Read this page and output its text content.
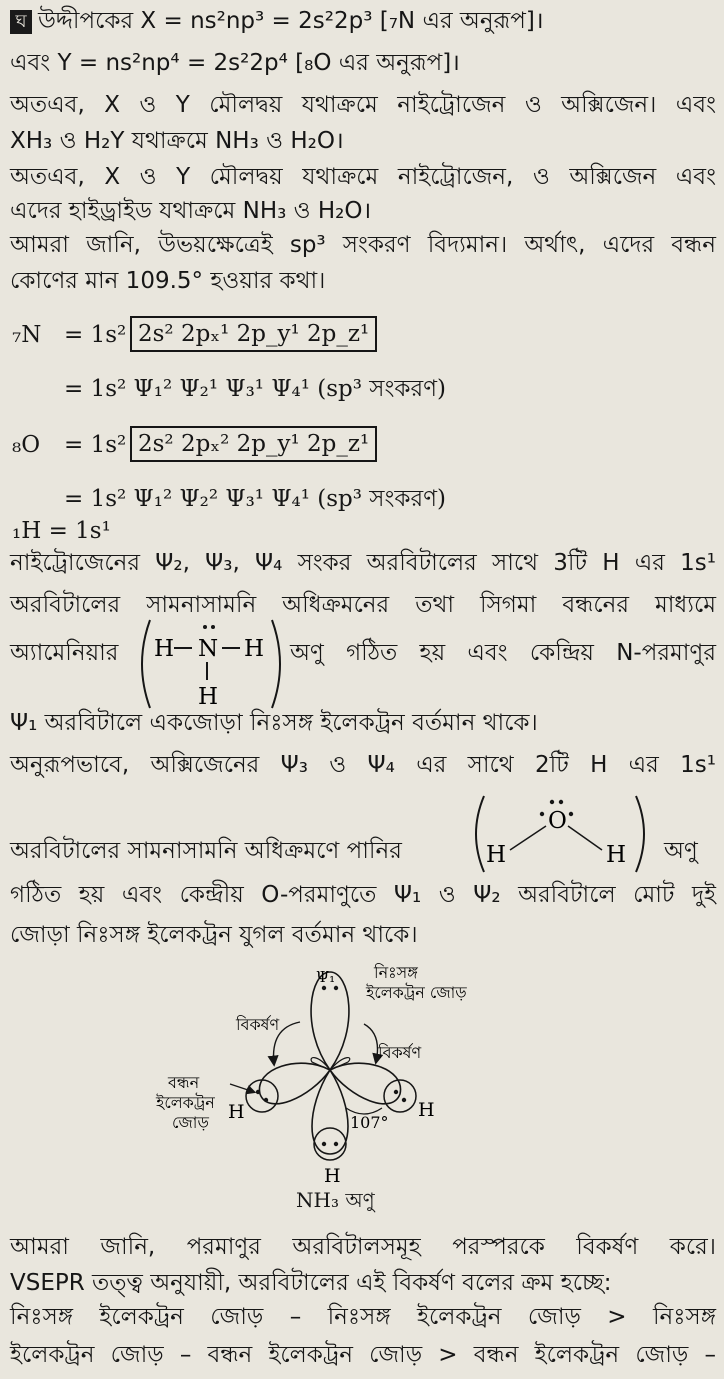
ঘ উদ্দীপকের X = ns²np³ = 2s²2p³ [₇N এর অনুরূপ]।
এবং Y = ns²np⁴ = 2s²2p⁴ [₈O এর অনুরূপ]।
অতএব, X ও Y মৌলদ্বয় যথাক্রমে নাইট্রোজেন ও অক্সিজেন। এবং
XH₃ ও H₂Y যথাক্রমে NH₃ ও H₂O।
অতএব, X ও Y মৌলদ্বয় যথাক্রমে নাইট্রোজেন, ও অক্সিজেন এবং
এদের হাইড্রাইড যথাক্রমে NH₃ ও H₂O।
আমরা জানি, উভয়ক্ষেত্রেই sp³ সংকরণ বিদ্যমান। অর্থাৎ, এদের বন্ধন
কোণের মান 109.5° হওয়ার কথা।
₇N = 1s² 2s² 2pₓ¹ 2p_y¹ 2p_z¹
= 1s² Ψ₁² Ψ₂¹ Ψ₃¹ Ψ₄¹ (sp³ সংকরণ)
₈O = 1s² 2s² 2pₓ² 2p_y¹ 2p_z¹
= 1s² Ψ₁² Ψ₂² Ψ₃¹ Ψ₄¹ (sp³ সংকরণ)
₁H = 1s¹
নাইট্রোজেনের Ψ₂, Ψ₃, Ψ₄ সংকর অরবিটালের সাথে 3টি H এর 1s¹
অরবিটালের সামনাসামনি অধিক্রমনের তথা সিগমা বন্ধনের মাধ্যমে
অ্যামেনিয়ার H N H
H
অণু গঠিত হয় এবং কেন্দ্রিয় N-পরমাণুর
Ψ₁ অরবিটালে একজোড়া নিঃসঙ্গ ইলেকট্রন বর্তমান থাকে।
অনুরূপভাবে, অক্সিজেনের Ψ₃ ও Ψ₄ এর সাথে 2টি H এর 1s¹
অরবিটালের সামনাসামনি অধিক্রমণে পানির
O
H	H অণু
গঠিত হয় এবং কেন্দ্রীয় O-পরমাণুতে Ψ₁ ও Ψ₂ অরবিটালে মোট দুই
জোড়া নিঃসঙ্গ ইলেকট্রন যুগল বর্তমান থাকে।
Ψ₁ নিঃসঙ্গ
ইলেকট্রন জোড়
বিকর্ষণ
বিকর্ষণ
বন্ধন
ইলেকট্রন
জোড় H	H
107°
H
NH₃ অণু
আমরা জানি, পরমাণুর অরবিটালসমূহ পরস্পরকে বিকর্ষণ করে।
VSEPR তত্ত্ব অনুযায়ী, অরবিটালের এই বিকর্ষণ বলের ক্রম হচ্ছে:
নিঃসঙ্গ ইলেকট্রন জোড় – নিঃসঙ্গ ইলেকট্রন জোড় > নিঃসঙ্গ
ইলেকট্রন জোড় – বন্ধন ইলেকট্রন জোড় > বন্ধন ইলেকট্রন জোড় –
